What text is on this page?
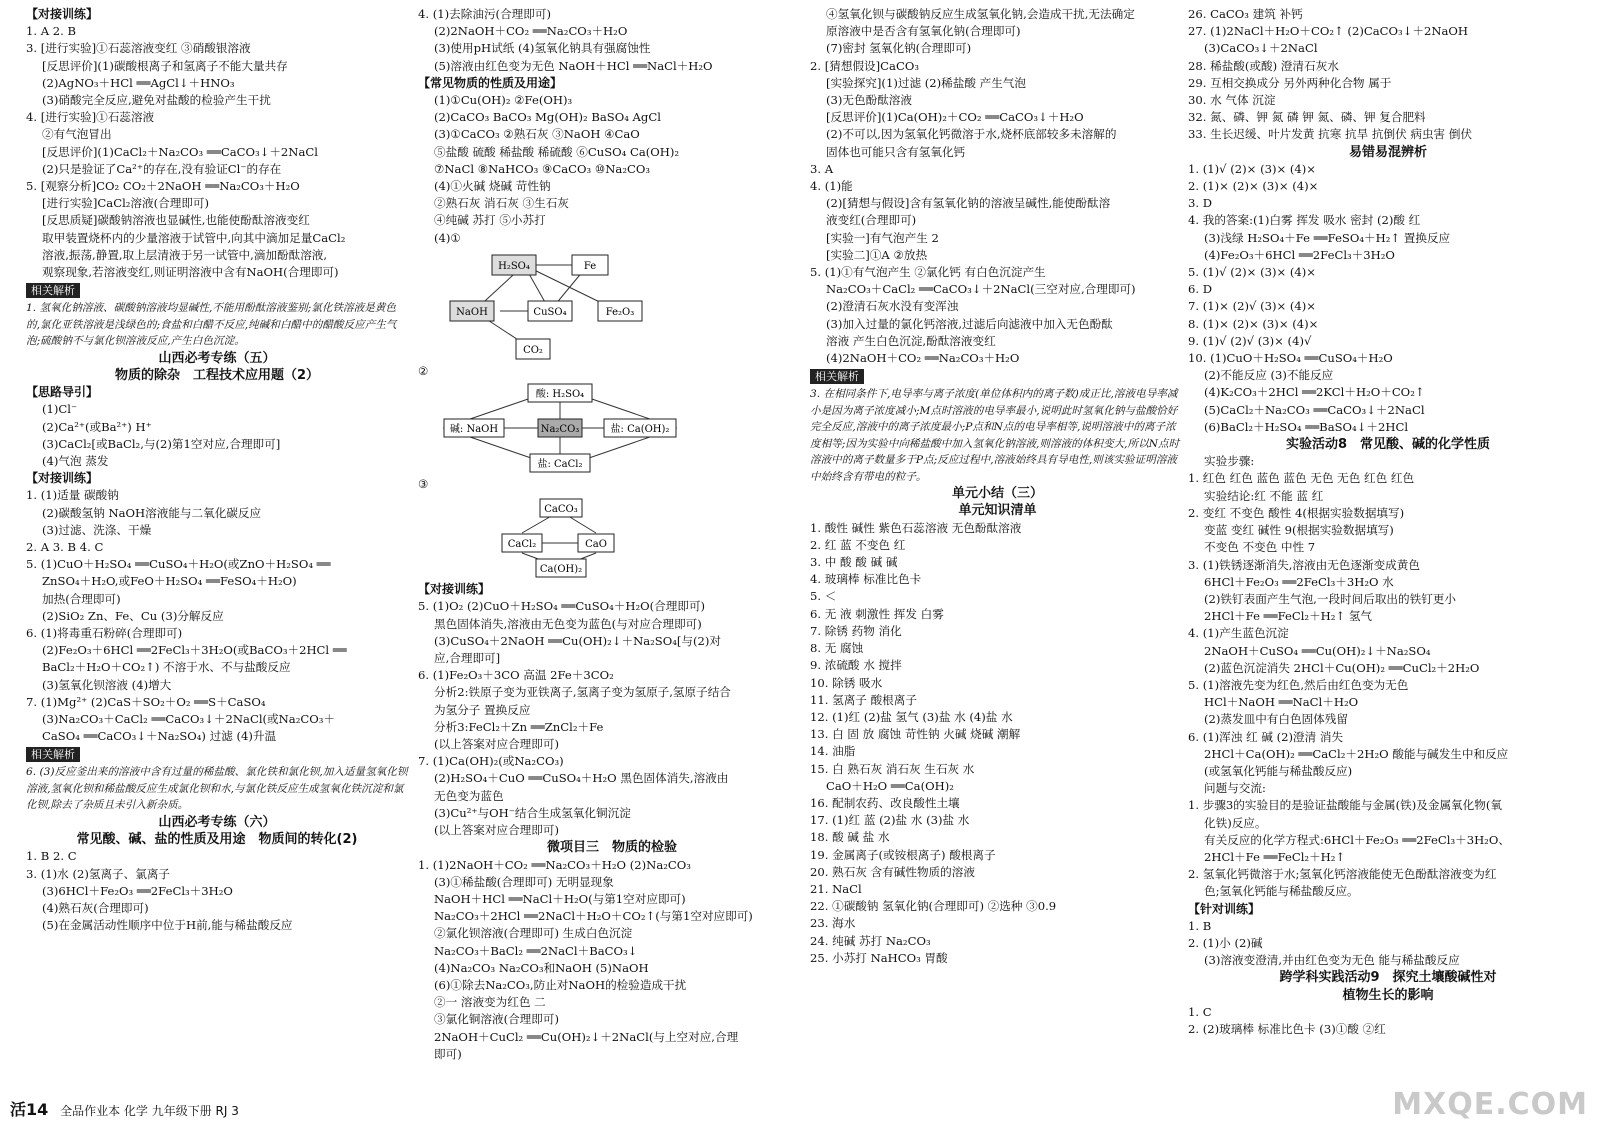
【对接训练】
1. A 2. B
3. [进行实验]①石蕊溶液变红 ③硝酸银溶液
[反思评价](1)碳酸根离子和氢离子不能大量共存
(2)AgNO₃＋HCl ══AgCl↓＋HNO₃
(3)硝酸完全反应,避免对盐酸的检验产生干扰
4. [进行实验]①石蕊溶液
②有气泡冒出
[反思评价](1)CaCl₂＋Na₂CO₃ ══CaCO₃↓＋2NaCl
(2)只是验证了Ca²⁺的存在,没有验证Cl⁻的存在
5. [观察分析]CO₂ CO₂＋2NaOH ══Na₂CO₃＋H₂O
[进行实验]CaCl₂溶液(合理即可)
[反思质疑]碳酸钠溶液也显碱性,也能使酚酞溶液变红
取甲装置烧杯内的少量溶液于试管中,向其中滴加足量CaCl₂
溶液,振荡,静置,取上层清液于另一试管中,滴加酚酞溶液,
观察现象,若溶液变红,则证明溶液中含有NaOH(合理即可)
相关解析
1. 氢氧化钠溶液、碳酸钠溶液均显碱性,不能用酚酞溶液鉴别;氯化铁溶液是黄色的,氯化亚铁溶液是浅绿色的;食盐和白醋不反应,纯碱和白醋中的醋酸反应产生气泡;硫酸钠不与氯化钡溶液反应,产生白色沉淀。
山西必考专练（五）
物质的除杂　工程技术应用题（2）
【思路导引】
(1)Cl⁻
(2)Ca²⁺(或Ba²⁺) H⁺
(3)CaCl₂[或BaCl₂,与(2)第1空对应,合理即可]
(4)气泡 蒸发
【对接训练】
1. (1)适量 碳酸钠
(2)碳酸氢钠 NaOH溶液能与二氧化碳反应
(3)过滤、洗涤、干燥
2. A 3. B 4. C
5. (1)CuO＋H₂SO₄ ══CuSO₄＋H₂O(或ZnO＋H₂SO₄ ══
ZnSO₄＋H₂O,或FeO＋H₂SO₄ ══FeSO₄＋H₂O)
加热(合理即可)
(2)SiO₂ Zn、Fe、Cu (3)分解反应
6. (1)将毒重石粉碎(合理即可)
(2)Fe₂O₃＋6HCl ══2FeCl₃＋3H₂O(或BaCO₃＋2HCl ══
BaCl₂＋H₂O＋CO₂↑) 不溶于水、不与盐酸反应
(3)氢氧化钡溶液 (4)增大
7. (1)Mg²⁺ (2)CaS＋SO₂＋O₂ ══S＋CaSO₄
(3)Na₂CO₃＋CaCl₂ ══CaCO₃↓＋2NaCl(或Na₂CO₃＋
CaSO₄ ══CaCO₃↓＋Na₂SO₄) 过滤 (4)升温
相关解析
6. (3)反应釜出来的溶液中含有过量的稀盐酸、氯化铁和氯化钡,加入适量氢氧化钡溶液,氢氧化钡和稀盐酸反应生成氯化钡和水,与氯化铁反应生成氢氧化铁沉淀和氯化钡,除去了杂质且未引入新杂质。
山西必考专练（六）
常见酸、碱、盐的性质及用途　物质间的转化(2)
1. B 2. C
3. (1)水 (2)氢离子、氯离子
(3)6HCl＋Fe₂O₃ ══2FeCl₃＋3H₂O
(4)熟石灰(合理即可)
(5)在金属活动性顺序中位于H前,能与稀盐酸反应
4. (1)去除油污(合理即可)
(2)2NaOH＋CO₂ ══Na₂CO₃＋H₂O
(3)使用pH试纸 (4)氢氧化钠具有强腐蚀性
(5)溶液由红色变为无色 NaOH＋HCl ══NaCl＋H₂O
【常见物质的性质及用途】
(1)①Cu(OH)₂ ②Fe(OH)₃
(2)CaCO₃ BaCO₃ Mg(OH)₂ BaSO₄ AgCl
(3)①CaCO₃ ②熟石灰 ③NaOH ④CaO
⑤盐酸 硫酸 稀盐酸 稀硫酸 ⑥CuSO₄ Ca(OH)₂
⑦NaCl ⑧NaHCO₃ ⑨CaCO₃ ⑩Na₂CO₃
(4)①火碱 烧碱 苛性钠
②熟石灰 消石灰 ③生石灰
④纯碱 苏打 ⑤小苏打
(4)①
H₂SO₄	Fe
NaOH	CuSO₄	Fe₂O₃
CO₂
②
酸: H₂SO₄
碱: NaOH	Na₂CO₃	盐: Ca(OH)₂
盐: CaCl₂
③
CaCO₃
CaCl₂	CaO
Ca(OH)₂
【对接训练】
5. (1)O₂ (2)CuO＋H₂SO₄ ══CuSO₄＋H₂O(合理即可)
黑色固体消失,溶液由无色变为蓝色(与对应合理即可)
(3)CuSO₄＋2NaOH ══Cu(OH)₂↓＋Na₂SO₄[与(2)对
应,合理即可]
6. (1)Fe₂O₃＋3CO 高温 2Fe＋3CO₂
分析2:铁原子变为亚铁离子,氢离子变为氢原子,氢原子结合
为氢分子 置换反应
分析3:FeCl₂＋Zn ══ZnCl₂＋Fe
(以上答案对应合理即可)
7. (1)Ca(OH)₂(或Na₂CO₃)
(2)H₂SO₄＋CuO ══CuSO₄＋H₂O 黑色固体消失,溶液由
无色变为蓝色
(3)Cu²⁺与OH⁻结合生成氢氧化铜沉淀
(以上答案对应合理即可)
微项目三　物质的检验
1. (1)2NaOH＋CO₂ ══Na₂CO₃＋H₂O (2)Na₂CO₃
(3)①稀盐酸(合理即可) 无明显现象
NaOH＋HCl ══NaCl＋H₂O(与第1空对应即可)
Na₂CO₃＋2HCl ══2NaCl＋H₂O＋CO₂↑(与第1空对应即可)
②氯化钡溶液(合理即可) 生成白色沉淀
Na₂CO₃＋BaCl₂ ══2NaCl＋BaCO₃↓
(4)Na₂CO₃ Na₂CO₃和NaOH (5)NaOH
(6)①除去Na₂CO₃,防止对NaOH的检验造成干扰
②一 溶液变为红色 二
③氯化铜溶液(合理即可)
2NaOH＋CuCl₂ ══Cu(OH)₂↓＋2NaCl(与上空对应,合理
即可)
④氢氧化钡与碳酸钠反应生成氢氧化钠,会造成干扰,无法确定
原溶液中是否含有氢氧化钠(合理即可)
(7)密封 氢氧化钠(合理即可)
2. [猜想假设]CaCO₃
[实验探究](1)过滤 (2)稀盐酸 产生气泡
(3)无色酚酞溶液
[反思评价](1)Ca(OH)₂＋CO₂ ══CaCO₃↓＋H₂O
(2)不可以,因为氢氧化钙微溶于水,烧杯底部较多未溶解的
固体也可能只含有氢氧化钙
3. A
4. (1)能
(2)[猜想与假设]含有氢氧化钠的溶液呈碱性,能使酚酞溶
液变红(合理即可)
[实验一]有气泡产生 2
[实验二]①A ②放热
5. (1)①有气泡产生 ②氯化钙 有白色沉淀产生
Na₂CO₃＋CaCl₂ ══CaCO₃↓＋2NaCl(三空对应,合理即可)
(2)澄清石灰水没有变浑浊
(3)加入过量的氯化钙溶液,过滤后向滤液中加入无色酚酞
溶液 产生白色沉淀,酚酞溶液变红
(4)2NaOH＋CO₂ ══Na₂CO₃＋H₂O
相关解析
3. 在相同条件下,电导率与离子浓度(单位体积内的离子数)成正比,溶液电导率减小是因为离子浓度减小;M点时溶液的电导率最小,说明此时氢氧化钠与盐酸恰好完全反应,溶液中的离子浓度最小;P点和N点的电导率相等,说明溶液中的离子浓度相等;因为实验中向稀盐酸中加入氢氧化钠溶液,则溶液的体积变大,所以N点时溶液中的离子数量多于P点;反应过程中,溶液始终具有导电性,则该实验证明溶液中始终含有带电的粒子。
单元小结（三）
单元知识清单
1. 酸性 碱性 紫色石蕊溶液 无色酚酞溶液
2. 红 蓝 不变色 红
3. 中 酸 酸 碱 碱
4. 玻璃棒 标准比色卡
5. ＜
6. 无 液 刺激性 挥发 白雾
7. 除锈 药物 消化
8. 无 腐蚀
9. 浓硫酸 水 搅拌
10. 除锈 吸水
11. 氢离子 酸根离子
12. (1)红 (2)盐 氢气 (3)盐 水 (4)盐 水
13. 白 固 放 腐蚀 苛性钠 火碱 烧碱 潮解
14. 油脂
15. 白 熟石灰 消石灰 生石灰 水
CaO＋H₂O ══Ca(OH)₂
16. 配制农药、改良酸性土壤
17. (1)红 蓝 (2)盐 水 (3)盐 水
18. 酸 碱 盐 水
19. 金属离子(或铵根离子) 酸根离子
20. 熟石灰 含有碱性物质的溶液
21. NaCl
22. ①碳酸钠 氢氧化钠(合理即可) ②选种 ③0.9
23. 海水
24. 纯碱 苏打 Na₂CO₃
25. 小苏打 NaHCO₃ 胃酸
26. CaCO₃ 建筑 补钙
27. (1)2NaCl＋H₂O＋CO₂↑ (2)CaCO₃↓＋2NaOH
(3)CaCO₃↓＋2NaCl
28. 稀盐酸(或酸) 澄清石灰水
29. 互相交换成分 另外两种化合物 属于
30. 水 气体 沉淀
32. 氮、磷、钾 氮 磷 钾 氮、磷、钾 复合肥料
33. 生长迟缓、叶片发黄 抗寒 抗旱 抗倒伏 病虫害 倒伏
易错易混辨析
1. (1)√ (2)× (3)× (4)×
2. (1)× (2)× (3)× (4)×
3. D
4. 我的答案:(1)白雾 挥发 吸水 密封 (2)酸 红
(3)浅绿 H₂SO₄＋Fe ══FeSO₄＋H₂↑ 置换反应
(4)Fe₂O₃＋6HCl ══2FeCl₃＋3H₂O
5. (1)√ (2)× (3)× (4)×
6. D
7. (1)× (2)√ (3)× (4)×
8. (1)× (2)× (3)× (4)×
9. (1)√ (2)√ (3)× (4)√
10. (1)CuO＋H₂SO₄ ══CuSO₄＋H₂O
(2)不能反应 (3)不能反应
(4)K₂CO₃＋2HCl ══2KCl＋H₂O＋CO₂↑
(5)CaCl₂＋Na₂CO₃ ══CaCO₃↓＋2NaCl
(6)BaCl₂＋H₂SO₄ ══BaSO₄↓＋2HCl
实验活动8　常见酸、碱的化学性质
实验步骤:
1. 红色 红色 蓝色 蓝色 无色 无色 红色 红色
实验结论:红 不能 蓝 红
2. 变红 不变色 酸性 4(根据实验数据填写)
变蓝 变红 碱性 9(根据实验数据填写)
不变色 不变色 中性 7
3. (1)铁锈逐渐消失,溶液由无色逐渐变成黄色
6HCl＋Fe₂O₃ ══2FeCl₃＋3H₂O 水
(2)铁钉表面产生气泡,一段时间后取出的铁钉更小
2HCl＋Fe ══FeCl₂＋H₂↑ 氢气
4. (1)产生蓝色沉淀
2NaOH＋CuSO₄ ══Cu(OH)₂↓＋Na₂SO₄
(2)蓝色沉淀消失 2HCl＋Cu(OH)₂ ══CuCl₂＋2H₂O
5. (1)溶液先变为红色,然后由红色变为无色
HCl＋NaOH ══NaCl＋H₂O
(2)蒸发皿中有白色固体残留
6. (1)浑浊 红 碱 (2)澄清 消失
2HCl＋Ca(OH)₂ ══CaCl₂＋2H₂O 酸能与碱发生中和反应
(或氢氧化钙能与稀盐酸反应)
问题与交流:
1. 步骤3的实验目的是验证盐酸能与金属(铁)及金属氧化物(氧
化铁)反应。
有关反应的化学方程式:6HCl＋Fe₂O₃ ══2FeCl₃＋3H₂O、
2HCl＋Fe ══FeCl₂＋H₂↑
2. 氢氧化钙微溶于水;氢氧化钙溶液能使无色酚酞溶液变为红
色;氢氧化钙能与稀盐酸反应。
【针对训练】
1. B
2. (1)小 (2)碱
(3)溶液变澄清,并由红色变为无色 能与稀盐酸反应
跨学科实践活动9　探究土壤酸碱性对
植物生长的影响
1. C
2. (2)玻璃棒 标准比色卡 (3)①酸 ②红
活14 全品作业本 化学 九年级下册 RJ 3	MXQE.COM
